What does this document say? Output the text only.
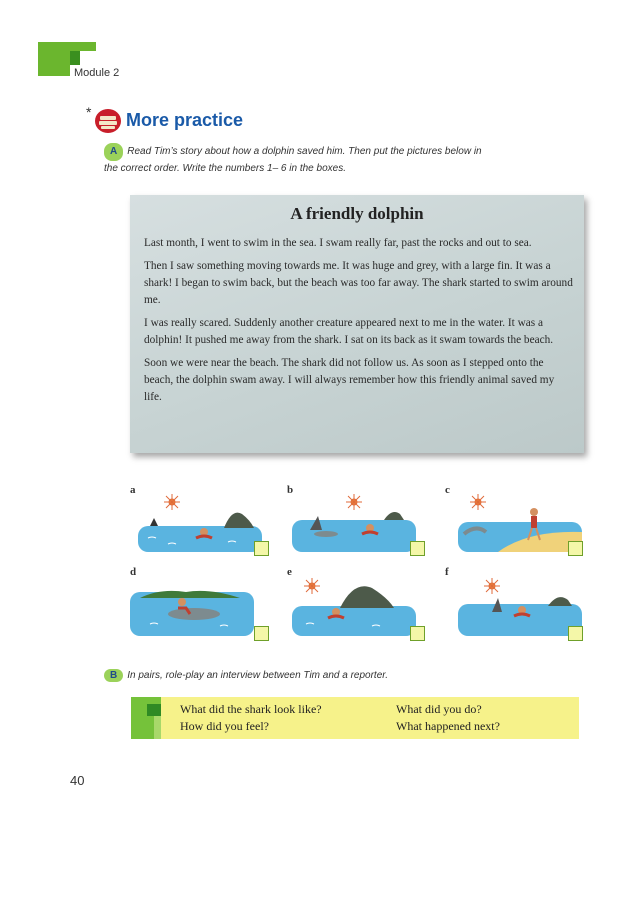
Module 2
* More practice
A Read Tim’s story about how a dolphin saved him. Then put the pictures below in
the correct order. Write the numbers 1– 6 in the boxes.
A friendly dolphin

Last month, I went to swim in the sea. I swam really far, past the rocks and out to sea.

Then I saw something moving towards me. It was huge and grey, with a large fin. It was a shark! I began to swim back, but the beach was too far away. The shark started to swim around me.

I was really scared. Suddenly another creature appeared next to me in the water. It was a dolphin! It pushed me away from the shark. I sat on its back as it swam towards the beach.

Soon we were near the beach. The shark did not follow us. As soon as I stepped onto the beach, the dolphin swam away. I will always remember how this friendly animal saved my life.

a	b	c
d	e	f
B In pairs, role-play an interview between Tim and a reporter.
What did the shark look like?	What did you do?
How did you feel?	What happened next?
40
